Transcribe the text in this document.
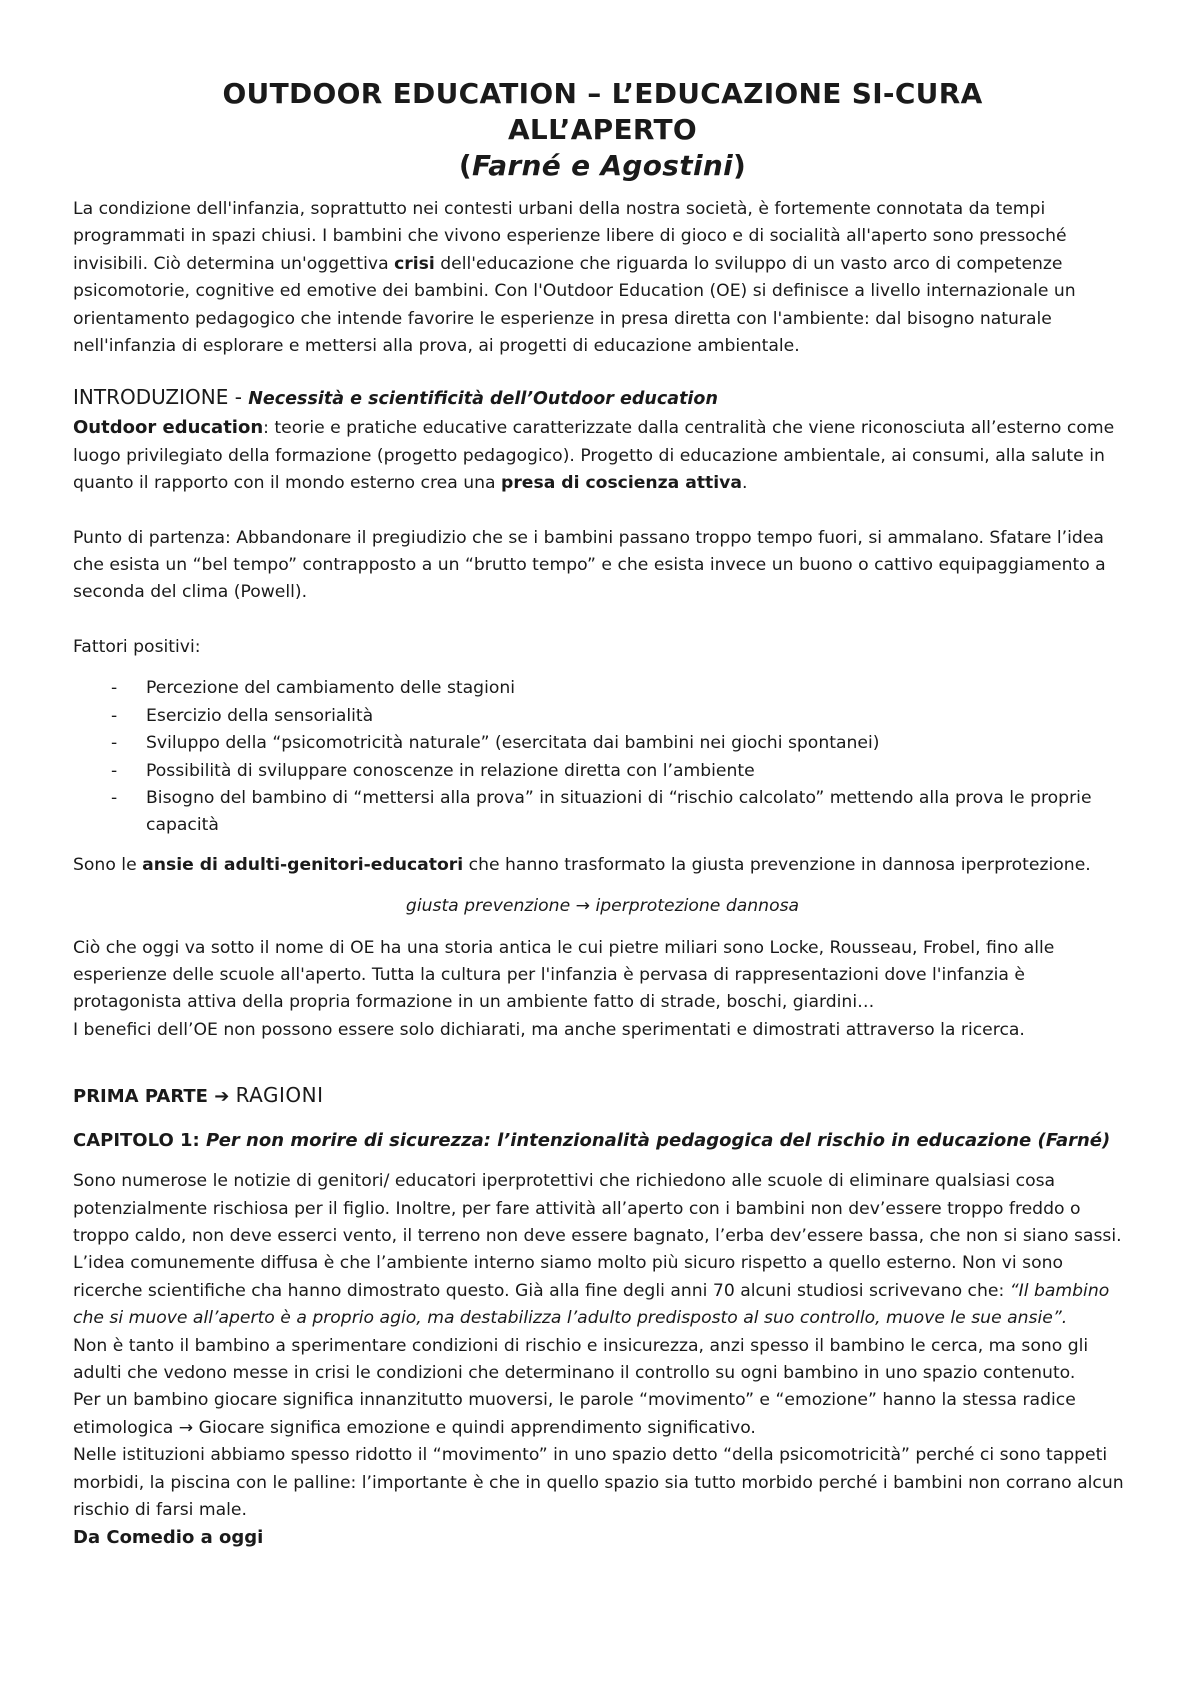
OUTDOOR EDUCATION – L’EDUCAZIONE SI-CURA
ALL’APERTO
(Farné e Agostini)

La condizione dell'infanzia, soprattutto nei contesti urbani della nostra società, è fortemente connotata da tempi programmati in spazi chiusi. I bambini che vivono esperienze libere di gioco e di socialità all'aperto sono pressoché invisibili. Ciò determina un'oggettiva crisi dell'educazione che riguarda lo sviluppo di un vasto arco di competenze psicomotorie, cognitive ed emotive dei bambini. Con l'Outdoor Education (OE) si definisce a livello internazionale un orientamento pedagogico che intende favorire le esperienze in presa diretta con l'ambiente: dal bisogno naturale nell'infanzia di esplorare e mettersi alla prova, ai progetti di educazione ambientale.

INTRODUZIONE - Necessità e scientificità dell’Outdoor education

Outdoor education: teorie e pratiche educative caratterizzate dalla centralità che viene riconosciuta all’esterno come luogo privilegiato della formazione (progetto pedagogico). Progetto di educazione ambientale, ai consumi, alla salute in quanto il rapporto con il mondo esterno crea una presa di coscienza attiva.

Punto di partenza: Abbandonare il pregiudizio che se i bambini passano troppo tempo fuori, si ammalano. Sfatare l’idea che esista un “bel tempo” contrapposto a un “brutto tempo” e che esista invece un buono o cattivo equipaggiamento a seconda del clima (Powell).

Fattori positivi:

- Percezione del cambiamento delle stagioni
- Esercizio della sensorialità
- Sviluppo della “psicomotricità naturale” (esercitata dai bambini nei giochi spontanei)
- Possibilità di sviluppare conoscenze in relazione diretta con l’ambiente
- Bisogno del bambino di “mettersi alla prova” in situazioni di “rischio calcolato” mettendo alla prova le proprie capacità

Sono le ansie di adulti-genitori-educatori che hanno trasformato la giusta prevenzione in dannosa iperprotezione.

giusta prevenzione → iperprotezione dannosa

Ciò che oggi va sotto il nome di OE ha una storia antica le cui pietre miliari sono Locke, Rousseau, Frobel, fino alle esperienze delle scuole all'aperto. Tutta la cultura per l'infanzia è pervasa di rappresentazioni dove l'infanzia è protagonista attiva della propria formazione in un ambiente fatto di strade, boschi, giardini…

I benefici dell’OE non possono essere solo dichiarati, ma anche sperimentati e dimostrati attraverso la ricerca.

PRIMA PARTE ➔ RAGIONI
CAPITOLO 1: Per non morire di sicurezza: l’intenzionalità pedagogica del rischio in educazione (Farné)

Sono numerose le notizie di genitori/ educatori iperprotettivi che richiedono alle scuole di eliminare qualsiasi cosa potenzialmente rischiosa per il figlio. Inoltre, per fare attività all’aperto con i bambini non dev’essere troppo freddo o troppo caldo, non deve esserci vento, il terreno non deve essere bagnato, l’erba dev’essere bassa, che non si siano sassi. L’idea comunemente diffusa è che l’ambiente interno siamo molto più sicuro rispetto a quello esterno. Non vi sono ricerche scientifiche cha hanno dimostrato questo. Già alla fine degli anni 70 alcuni studiosi scrivevano che: “Il bambino che si muove all’aperto è a proprio agio, ma destabilizza l’adulto predisposto al suo controllo, muove le sue ansie”.

Non è tanto il bambino a sperimentare condizioni di rischio e insicurezza, anzi spesso il bambino le cerca, ma sono gli adulti che vedono messe in crisi le condizioni che determinano il controllo su ogni bambino in uno spazio contenuto.

Per un bambino giocare significa innanzitutto muoversi, le parole “movimento” e “emozione” hanno la stessa radice etimologica → Giocare significa emozione e quindi apprendimento significativo.

Nelle istituzioni abbiamo spesso ridotto il “movimento” in uno spazio detto “della psicomotricità” perché ci sono tappeti morbidi, la piscina con le palline: l’importante è che in quello spazio sia tutto morbido perché i bambini non corrano alcun rischio di farsi male.

Da Comedio a oggi
